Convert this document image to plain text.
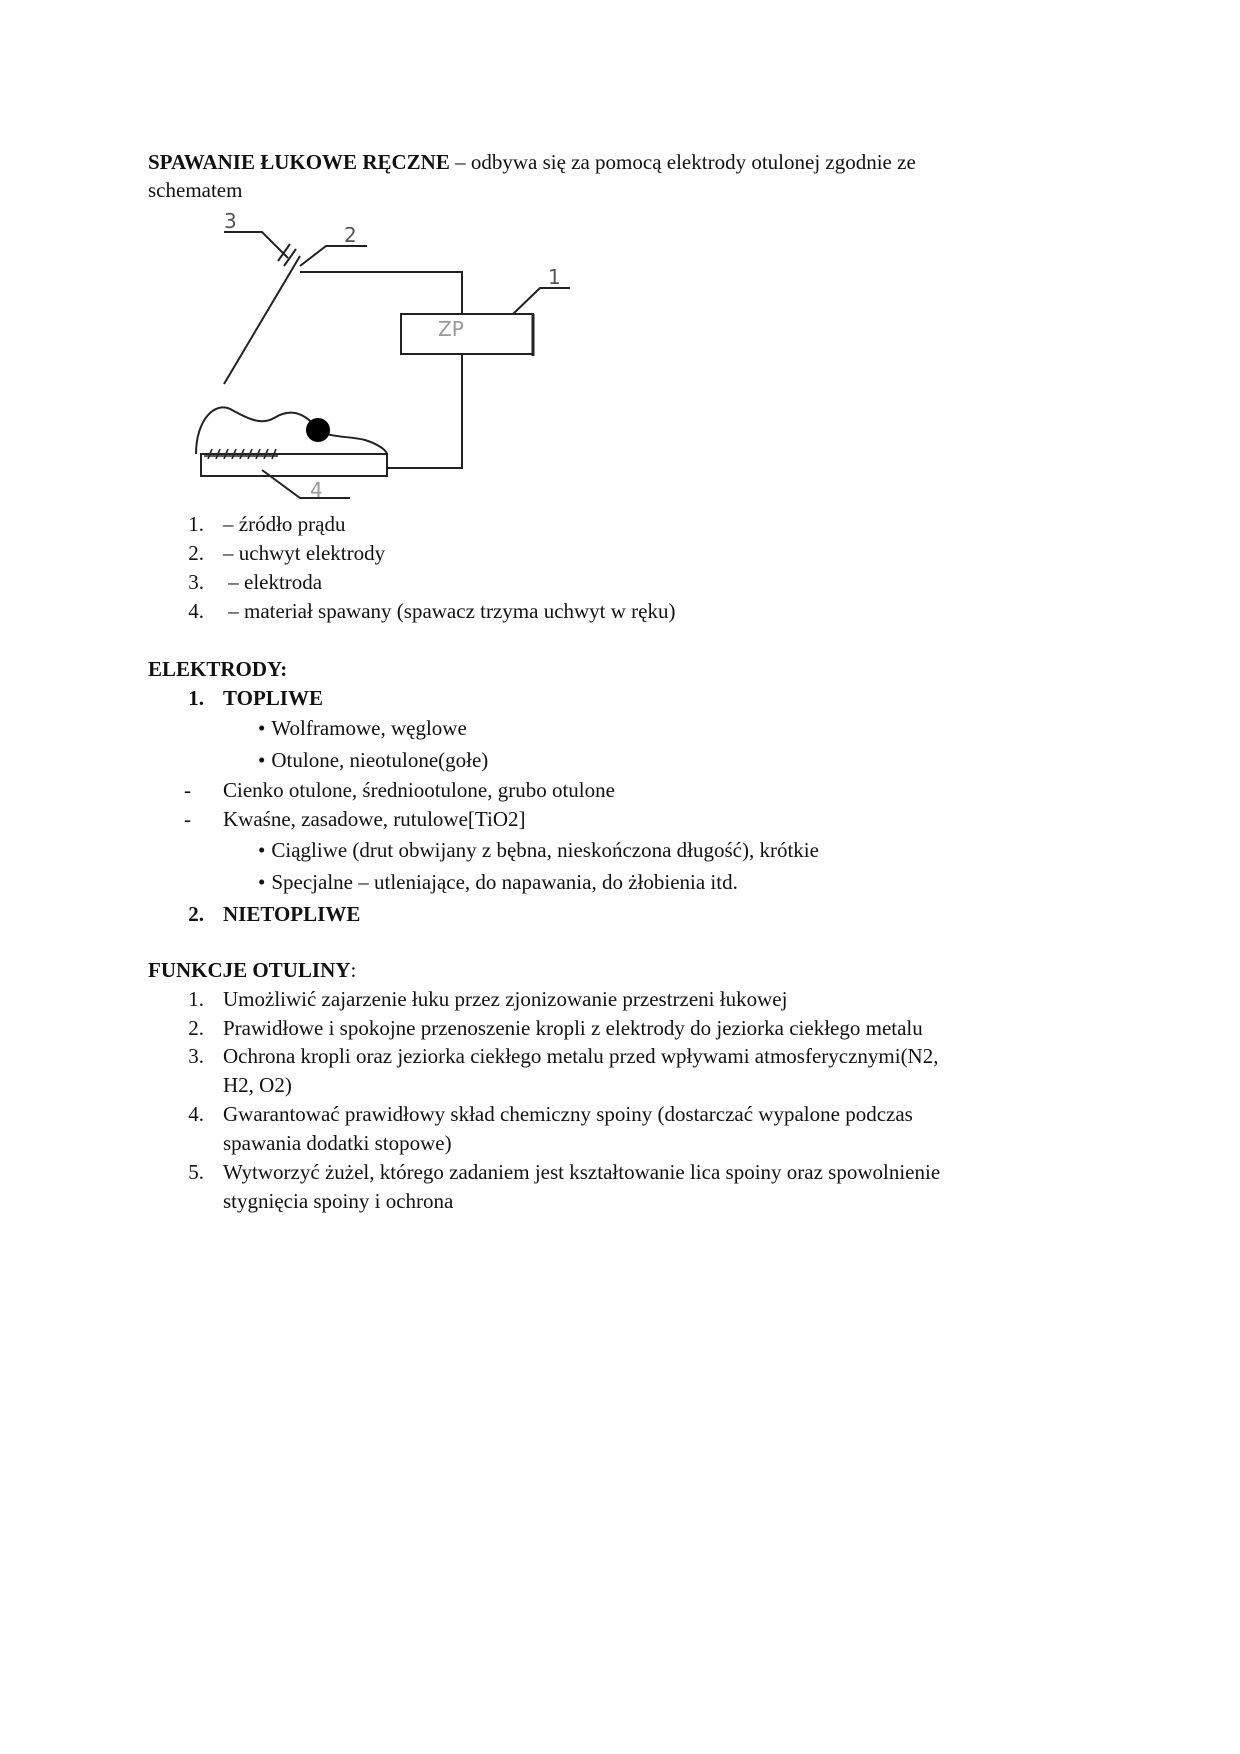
SPAWANIE ŁUKOWE RĘCZNE – odbywa się za pomocą elektrody otulonej zgodnie ze
schematem
3
2
1
ZP
4
1. – źródło prądu
2. – uchwyt elektrody
3. – elektroda
4. – materiał spawany (spawacz trzyma uchwyt w ręku)
ELEKTRODY:
1. TOPLIWE
• Wolframowe, węglowe
• Otulone, nieotulone(gołe)
- Cienko otulone, średniootulone, grubo otulone
- Kwaśne, zasadowe, rutulowe[TiO2]
• Ciągliwe (drut obwijany z bębna, nieskończona długość), krótkie
• Specjalne – utleniające, do napawania, do żłobienia itd.
2. NIETOPLIWE
FUNKCJE OTULINY:
1. Umożliwić zajarzenie łuku przez zjonizowanie przestrzeni łukowej
2. Prawidłowe i spokojne przenoszenie kropli z elektrody do jeziorka ciekłego metalu
3. Ochrona kropli oraz jeziorka ciekłego metalu przed wpływami atmosferycznymi(N2,
H2, O2)
4. Gwarantować prawidłowy skład chemiczny spoiny (dostarczać wypalone podczas
spawania dodatki stopowe)
5. Wytworzyć żużel, którego zadaniem jest kształtowanie lica spoiny oraz spowolnienie
stygnięcia spoiny i ochrona
